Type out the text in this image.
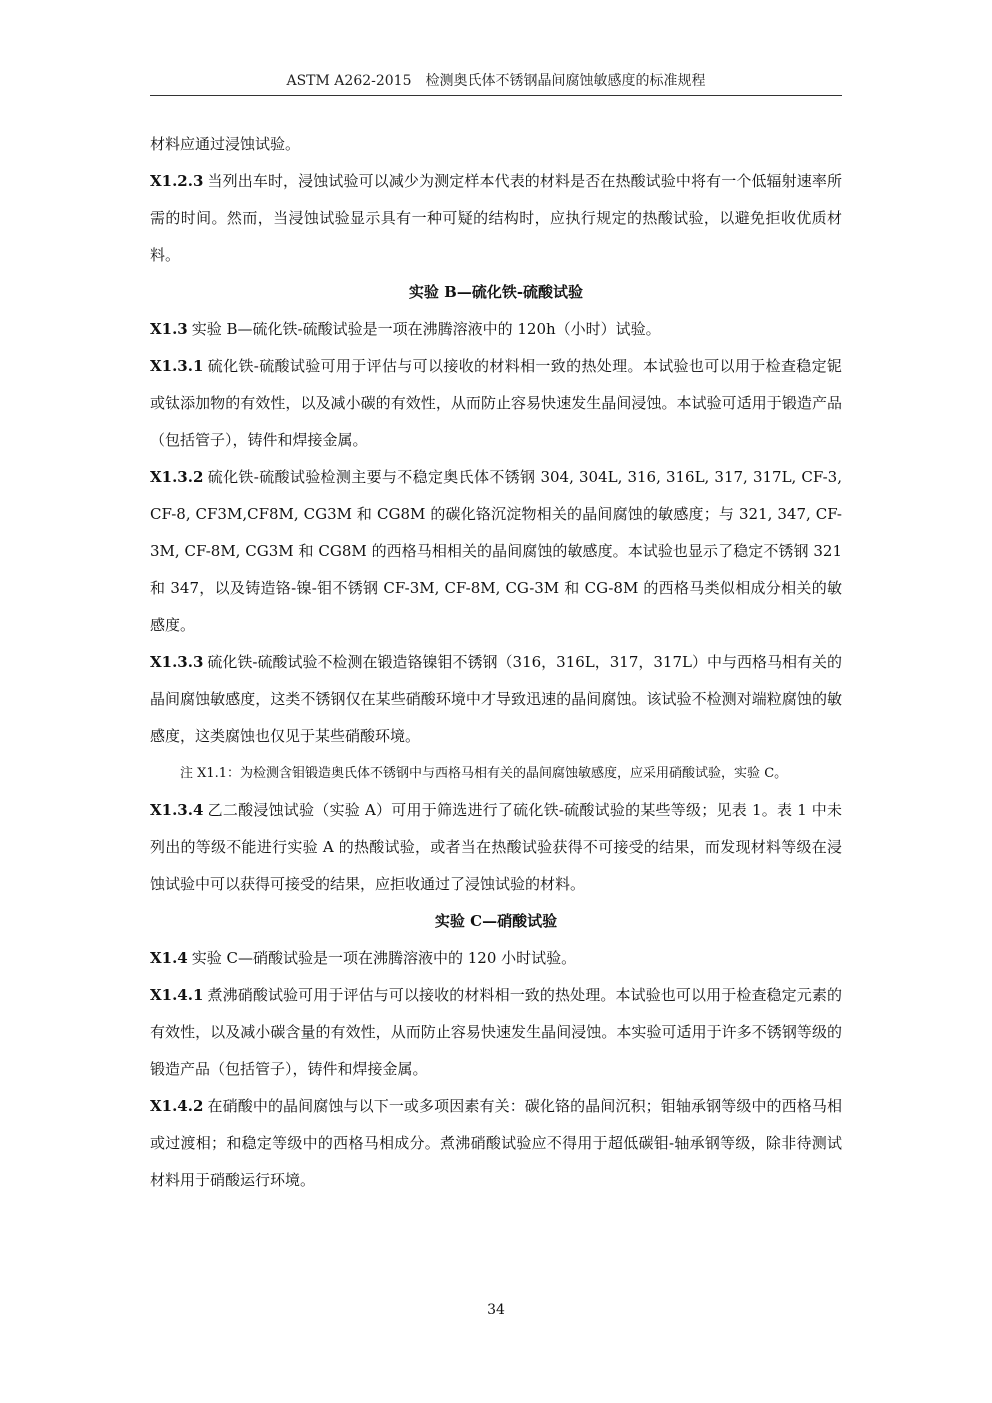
ASTM A262-2015　检测奥氏体不锈钢晶间腐蚀敏感度的标准规程

材料应通过浸蚀试验。

X1.2.3 当列出车时，浸蚀试验可以减少为测定样本代表的材料是否在热酸试验中将有一个低辐射速率所需的时间。然而，当浸蚀试验显示具有一种可疑的结构时，应执行规定的热酸试验，以避免拒收优质材料。

实验 B—硫化铁-硫酸试验

X1.3 实验 B—硫化铁-硫酸试验是一项在沸腾溶液中的 120h（小时）试验。

X1.3.1 硫化铁-硫酸试验可用于评估与可以接收的材料相一致的热处理。本试验也可以用于检查稳定铌或钛添加物的有效性，以及减小碳的有效性，从而防止容易快速发生晶间浸蚀。本试验可适用于锻造产品（包括管子），铸件和焊接金属。

X1.3.2 硫化铁-硫酸试验检测主要与不稳定奥氏体不锈钢 304, 304L, 316, 316L, 317, 317L, CF-3, CF-8, CF3M,CF8M, CG3M 和 CG8M 的碳化铬沉淀物相关的晶间腐蚀的敏感度；与 321, 347, CF-3M, CF-8M, CG3M 和 CG8M 的西格马相相关的晶间腐蚀的敏感度。本试验也显示了稳定不锈钢 321 和 347，以及铸造铬-镍-钼不锈钢 CF-3M, CF-8M, CG-3M 和 CG-8M 的西格马类似相成分相关的敏感度。

X1.3.3 硫化铁-硫酸试验不检测在锻造铬镍钼不锈钢（316，316L，317，317L）中与西格马相有关的晶间腐蚀敏感度，这类不锈钢仅在某些硝酸环境中才导致迅速的晶间腐蚀。该试验不检测对端粒腐蚀的敏感度，这类腐蚀也仅见于某些硝酸环境。

注 X1.1：为检测含钼锻造奥氏体不锈钢中与西格马相有关的晶间腐蚀敏感度，应采用硝酸试验，实验 C。

X1.3.4 乙二酸浸蚀试验（实验 A）可用于筛选进行了硫化铁-硫酸试验的某些等级；见表 1。表 1 中未列出的等级不能进行实验 A 的热酸试验，或者当在热酸试验获得不可接受的结果，而发现材料等级在浸蚀试验中可以获得可接受的结果，应拒收通过了浸蚀试验的材料。

实验 C—硝酸试验

X1.4 实验 C—硝酸试验是一项在沸腾溶液中的 120 小时试验。

X1.4.1 煮沸硝酸试验可用于评估与可以接收的材料相一致的热处理。本试验也可以用于检查稳定元素的有效性，以及减小碳含量的有效性，从而防止容易快速发生晶间浸蚀。本实验可适用于许多不锈钢等级的锻造产品（包括管子），铸件和焊接金属。

X1.4.2 在硝酸中的晶间腐蚀与以下一或多项因素有关：碳化铬的晶间沉积；钼轴承钢等级中的西格马相或过渡相；和稳定等级中的西格马相成分。煮沸硝酸试验应不得用于超低碳钼-轴承钢等级，除非待测试材料用于硝酸运行环境。

34
